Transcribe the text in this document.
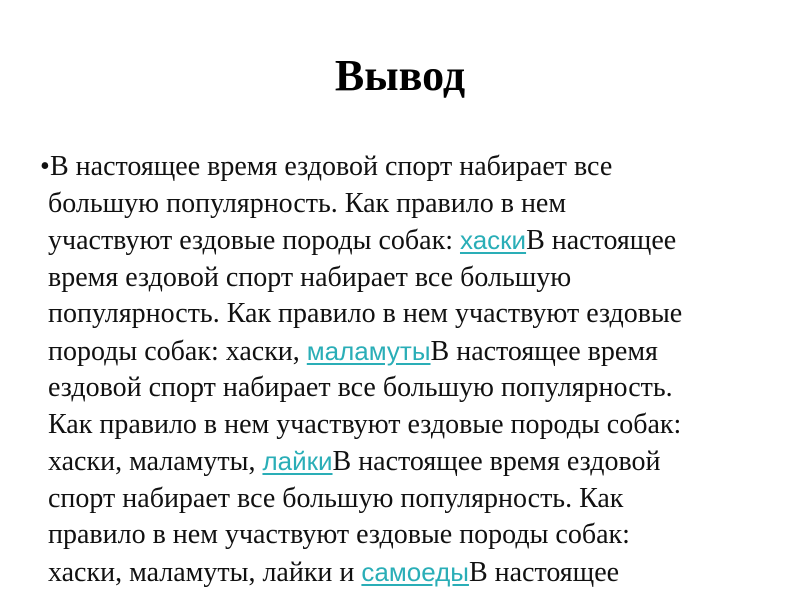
Вывод
•В настоящее время ездовой спорт набирает все
большую популярность. Как правило в нем
участвуют ездовые породы собак: хаскиВ настоящее
время ездовой спорт набирает все большую
популярность. Как правило в нем участвуют ездовые
породы собак: хаски, маламутыВ настоящее время
ездовой спорт набирает все большую популярность.
Как правило в нем участвуют ездовые породы собак:
хаски, маламуты, лайкиВ настоящее время ездовой
спорт набирает все большую популярность. Как
правило в нем участвуют ездовые породы собак:
хаски, маламуты, лайки и самоедыВ настоящее
